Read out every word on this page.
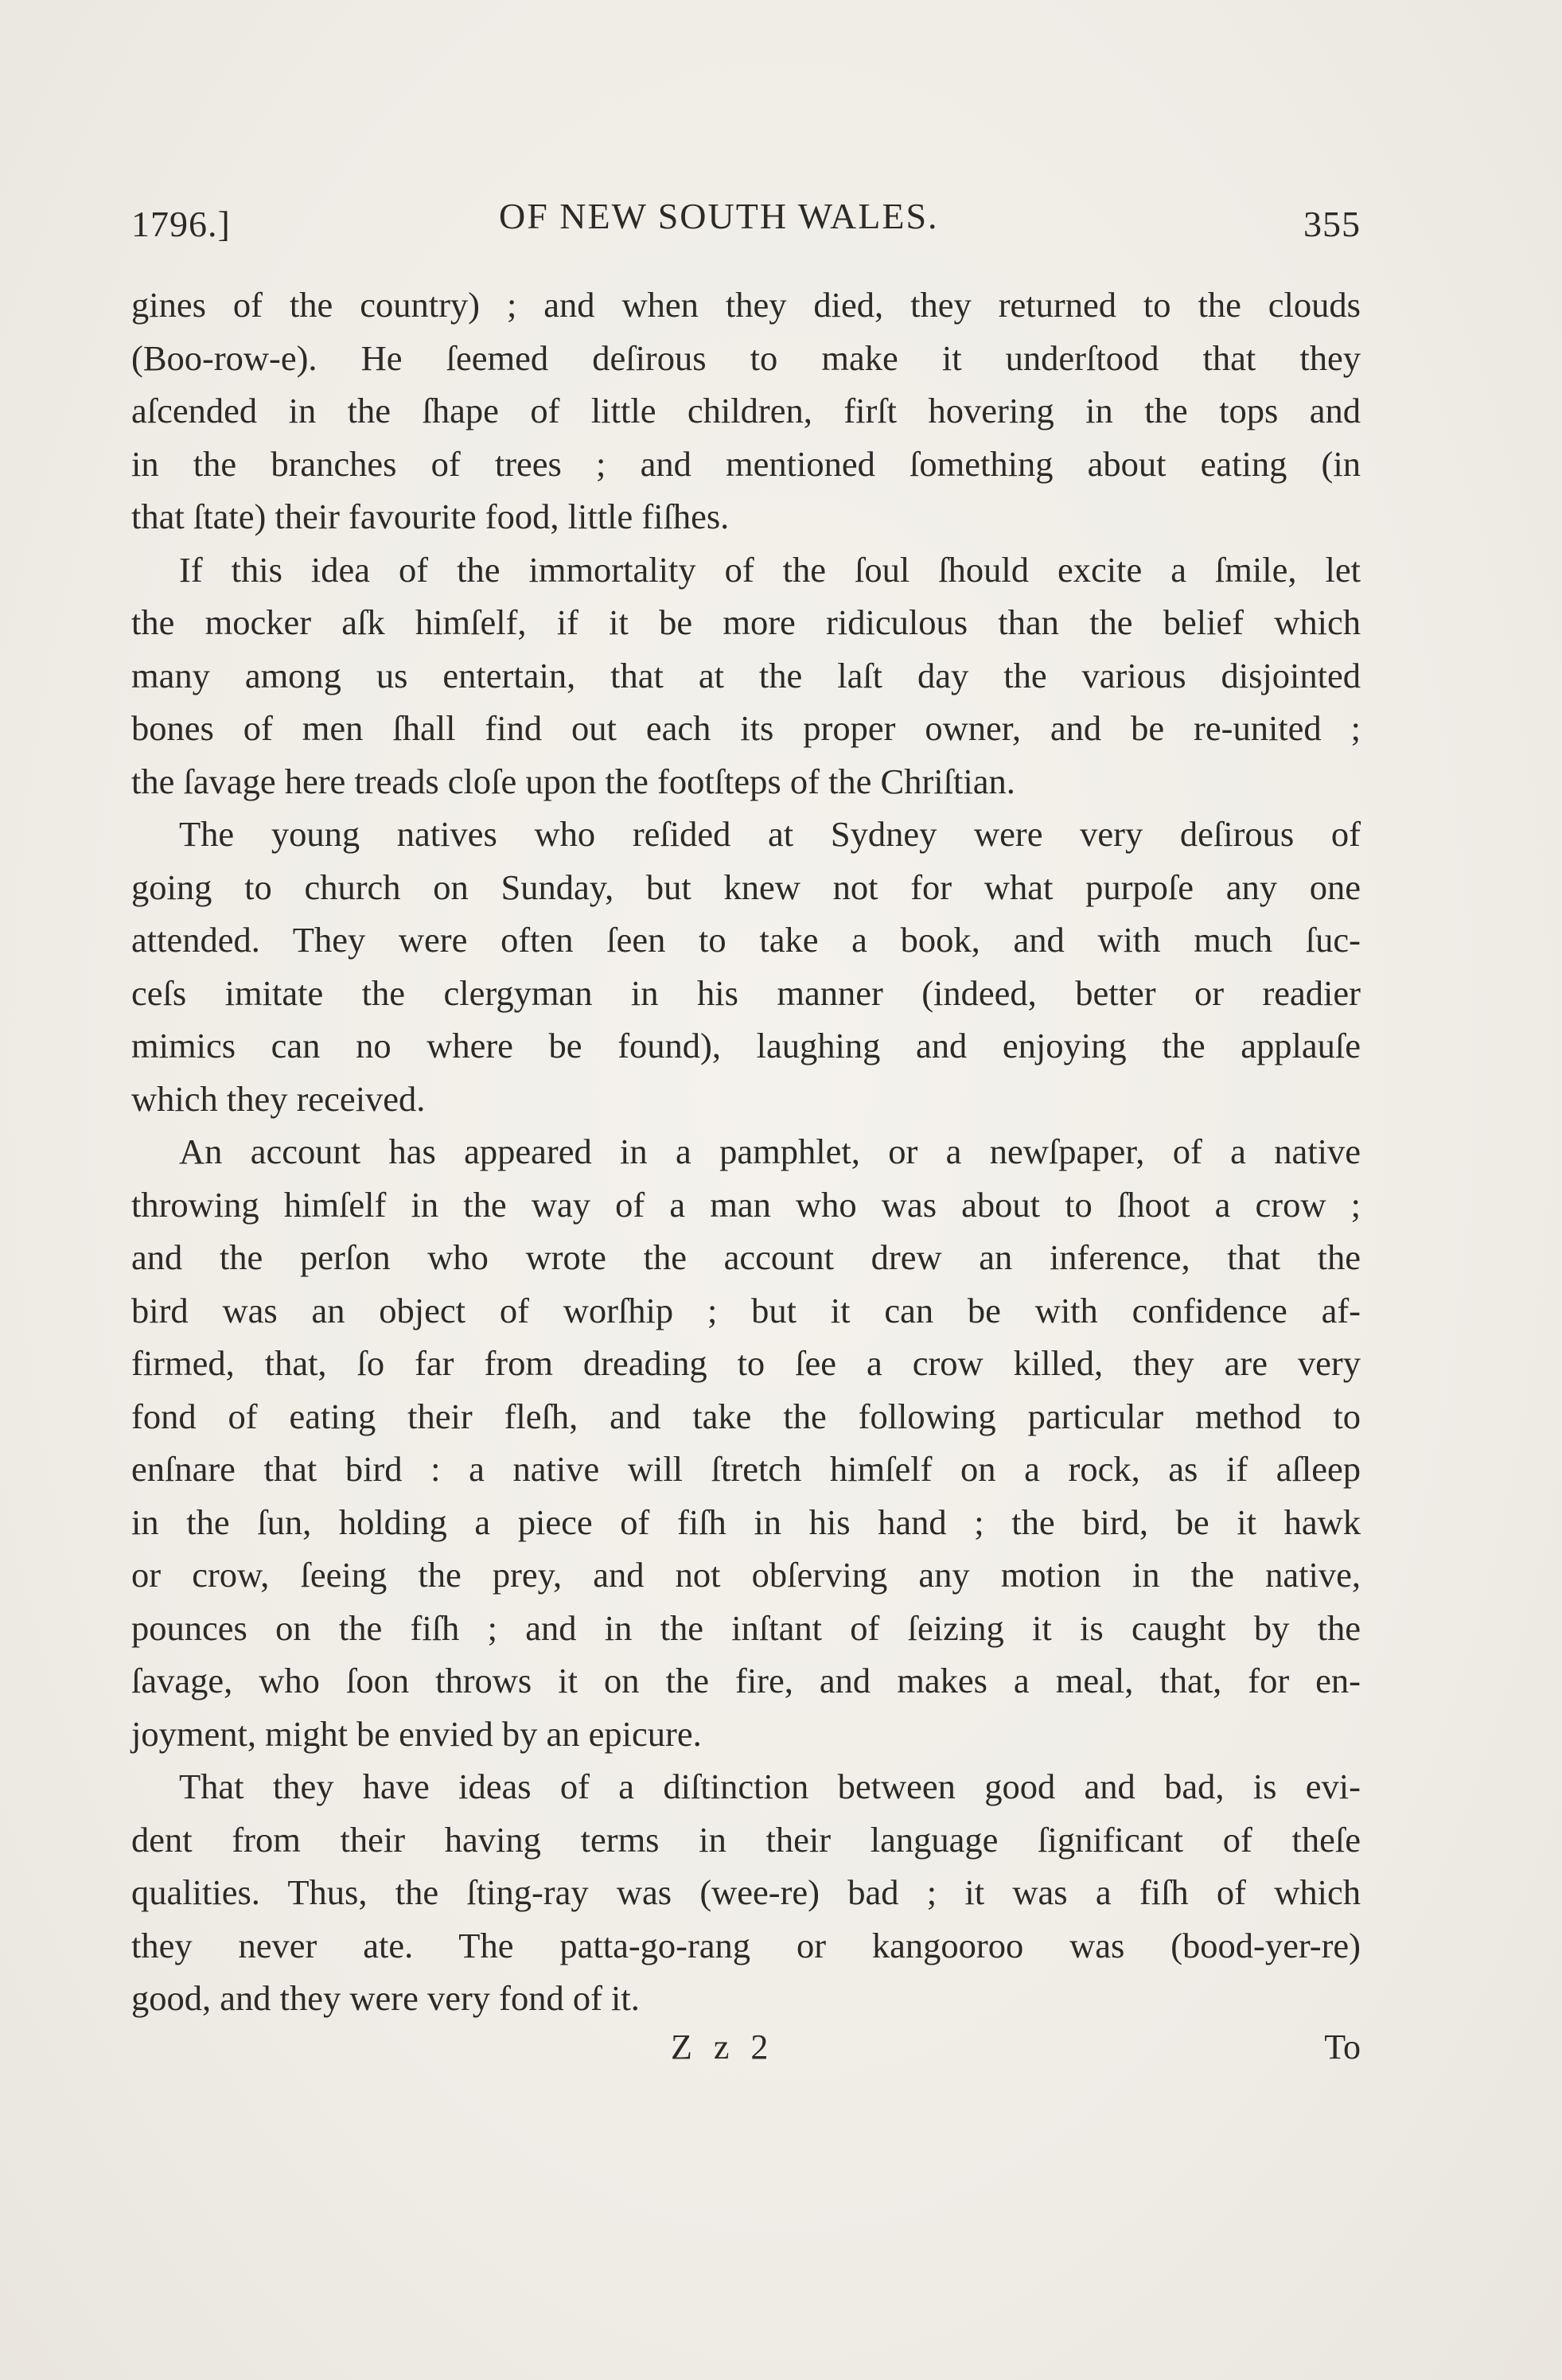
1796.]	OF NEW SOUTH WALES.	355

gines of the country) ; and when they died, they returned to the clouds
(Boo-row-e). He ſeemed deſirous to make it underſtood that they
aſcended in the ſhape of little children, firſt hovering in the tops and
in the branches of trees ; and mentioned ſomething about eating (in
that ſtate) their favourite food, little fiſhes.

If this idea of the immortality of the ſoul ſhould excite a ſmile, let
the mocker aſk himſelf, if it be more ridiculous than the belief which
many among us entertain, that at the laſt day the various disjointed
bones of men ſhall find out each its proper owner, and be re-united ;
the ſavage here treads cloſe upon the footſteps of the Chriſtian.

The young natives who reſided at Sydney were very deſirous of
going to church on Sunday, but knew not for what purpoſe any one
attended. They were often ſeen to take a book, and with much ſuc-
ceſs imitate the clergyman in his manner (indeed, better or readier
mimics can no where be found), laughing and enjoying the applauſe
which they received.

An account has appeared in a pamphlet, or a newſpaper, of a native
throwing himſelf in the way of a man who was about to ſhoot a crow ;
and the perſon who wrote the account drew an inference, that the
bird was an object of worſhip ; but it can be with confidence af-
firmed, that, ſo far from dreading to ſee a crow killed, they are very
fond of eating their fleſh, and take the following particular method to
enſnare that bird : a native will ſtretch himſelf on a rock, as if aſleep
in the ſun, holding a piece of fiſh in his hand ; the bird, be it hawk
or crow, ſeeing the prey, and not obſerving any motion in the native,
pounces on the fiſh ; and in the inſtant of ſeizing it is caught by the
ſavage, who ſoon throws it on the fire, and makes a meal, that, for en-
joyment, might be envied by an epicure.

That they have ideas of a diſtinction between good and bad, is evi-
dent from their having terms in their language ſignificant of theſe
qualities. Thus, the ſting-ray was (wee-re) bad ; it was a fiſh of which
they never ate. The patta-go-rang or kangooroo was (bood-yer-re)
good, and they were very fond of it.

Z z 2	To
